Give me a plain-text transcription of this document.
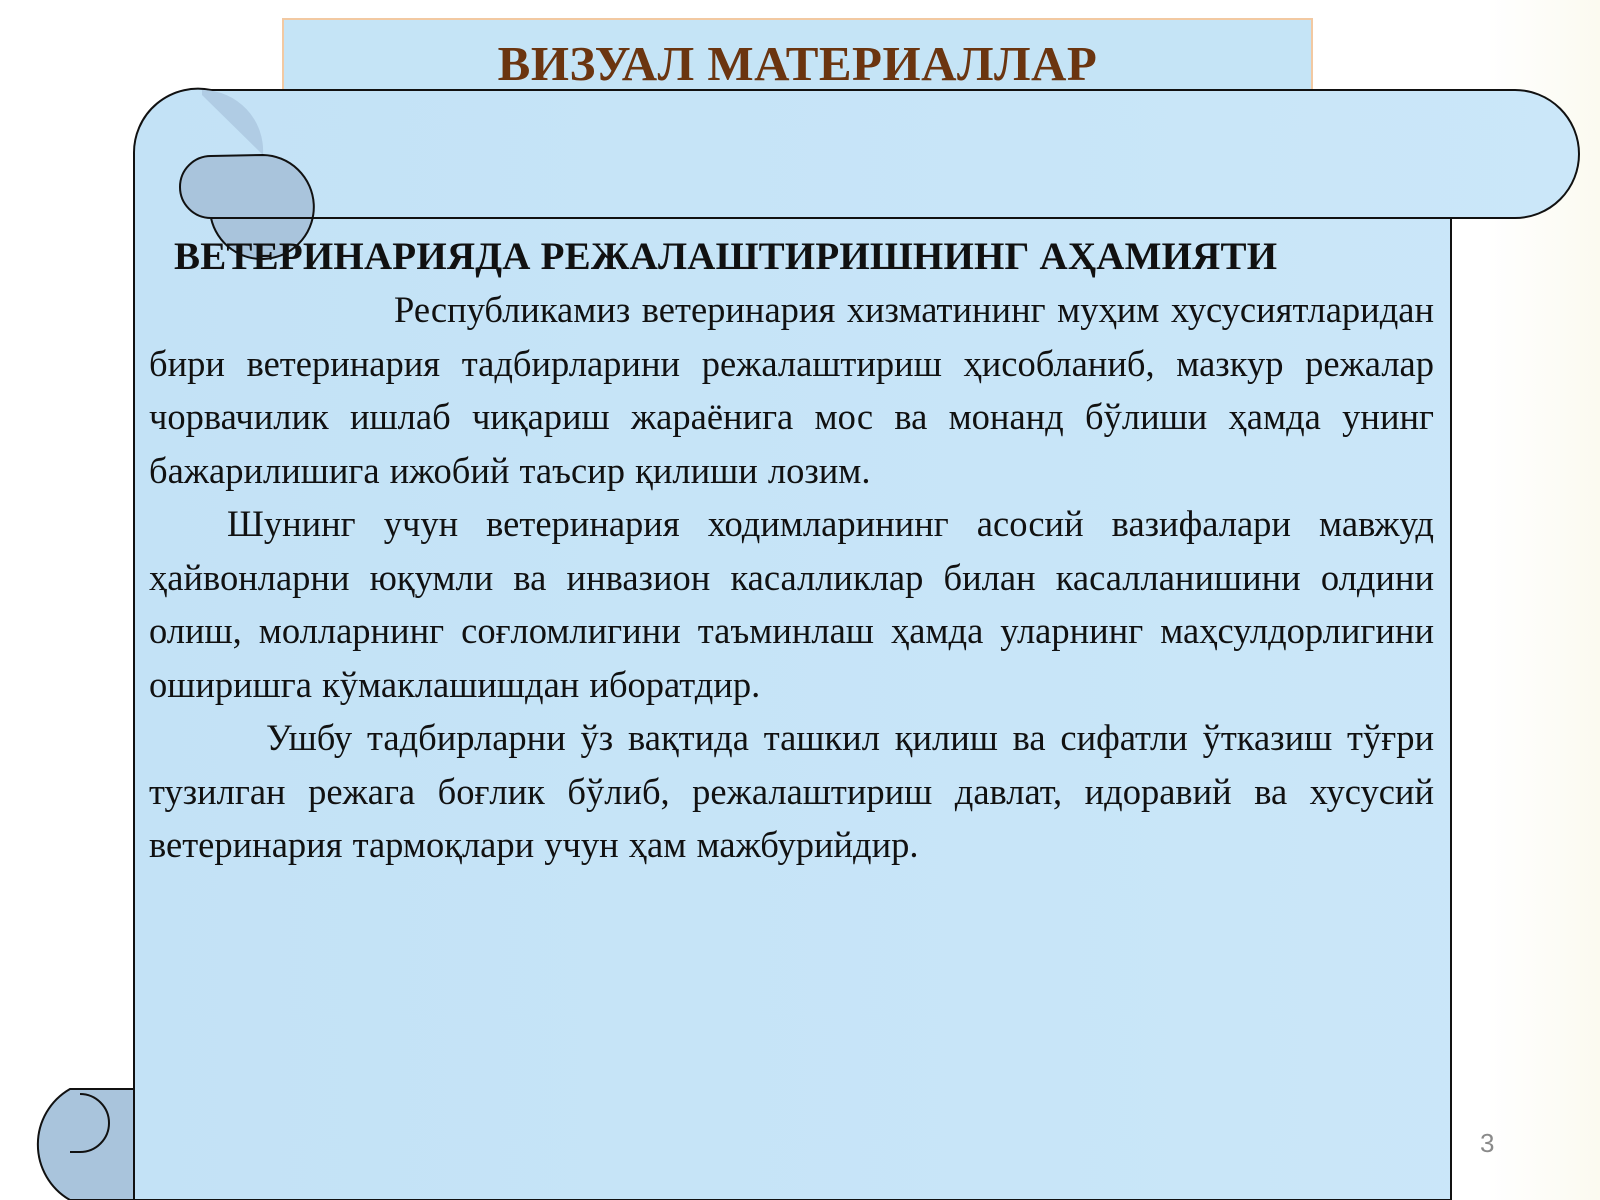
ВИЗУАЛ МАТЕРИАЛЛАР
ВЕТЕРИНАРИЯДА РЕЖАЛАШТИРИШНИНГ АҲАМИЯТИ

Республикамиз ветеринария хизматининг муҳим хусусиятларидан бири ветеринария тадбирларини режалаштириш ҳисобланиб, мазкур режалар чорвачилик ишлаб чиқариш жараёнига мос ва монанд бўлиши ҳамда унинг бажарилишига ижобий таъсир қилиши лозим.

Шунинг учун ветеринария ходимларининг асосий вазифалари мавжуд ҳайвонларни юқумли ва инвазион касалликлар билан касалланишини олдини олиш, молларнинг соғломлигини таъминлаш ҳамда уларнинг маҳсулдорлигини оширишга кўмаклашишдан иборатдир.

Ушбу тадбирларни ўз вақтида ташкил қилиш ва сифатли ўтказиш тўғри тузилган режага боғлик бўлиб, режалаштириш давлат, идоравий ва хусусий ветеринария тармоқлари учун ҳам мажбурийдир.

3
